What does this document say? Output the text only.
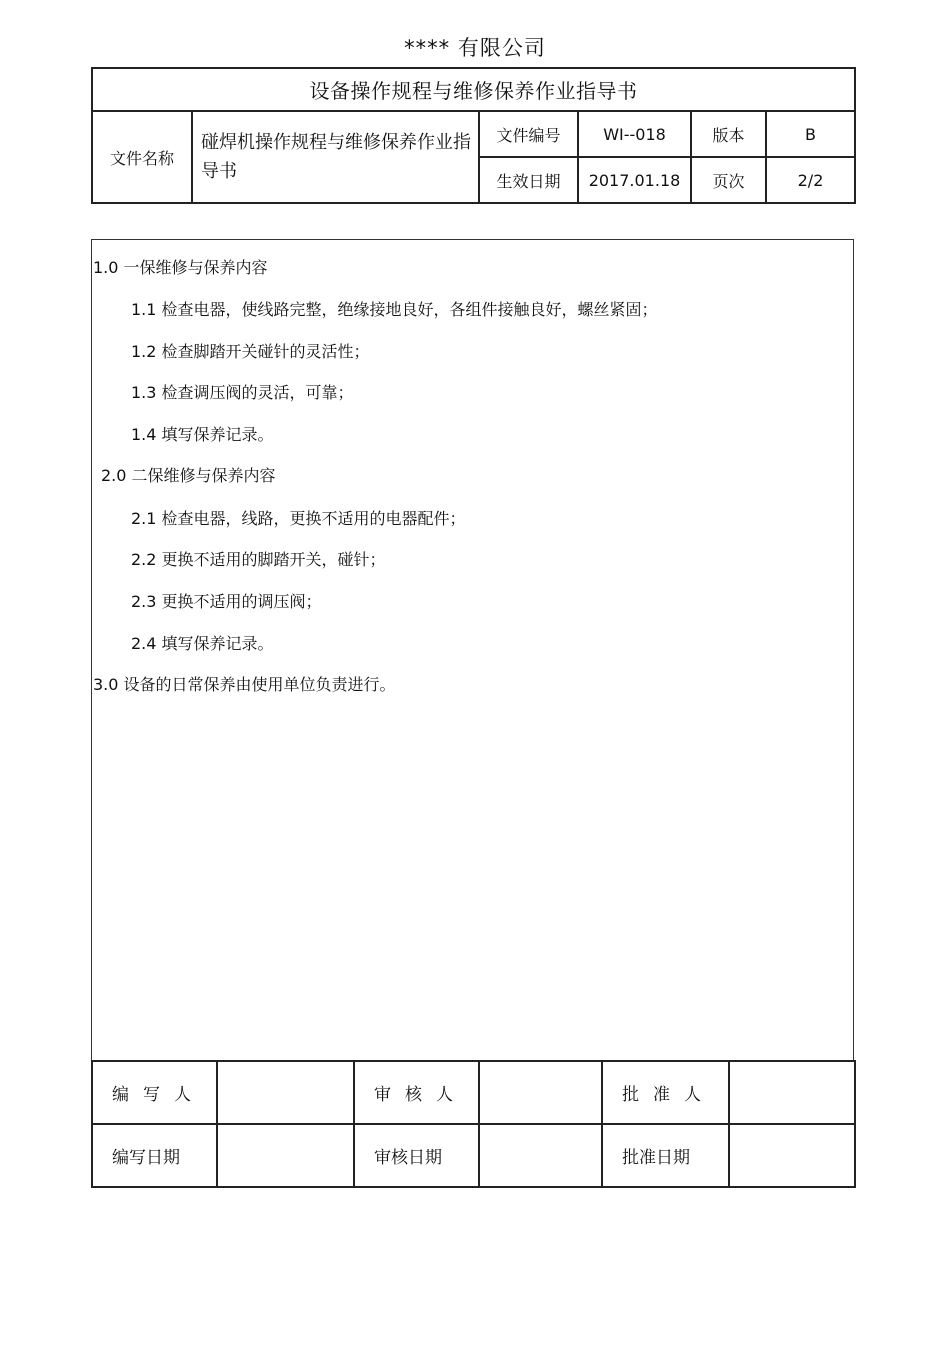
**** 有限公司
设备操作规程与维修保养作业指导书					
文件名称	碰焊机操作规程与维修保养作业指导书	文件编号	WI--018	版本	B
		生效日期	2017.01.18	页次	2/2
1.0 一保维修与保养内容
1.1 检查电器，使线路完整，绝缘接地良好，各组件接触良好，螺丝紧固；
1.2 检查脚踏开关碰针的灵活性；
1.3 检查调压阀的灵活，可靠；
1.4 填写保养记录。
2.0 二保维修与保养内容
2.1 检查电器，线路，更换不适用的电器配件；
2.2 更换不适用的脚踏开关，碰针；
2.3 更换不适用的调压阀；
2.4 填写保养记录。
3.0 设备的日常保养由使用单位负责进行。
编写人		审核人		批准人	
编写日期		审核日期		批准日期	
